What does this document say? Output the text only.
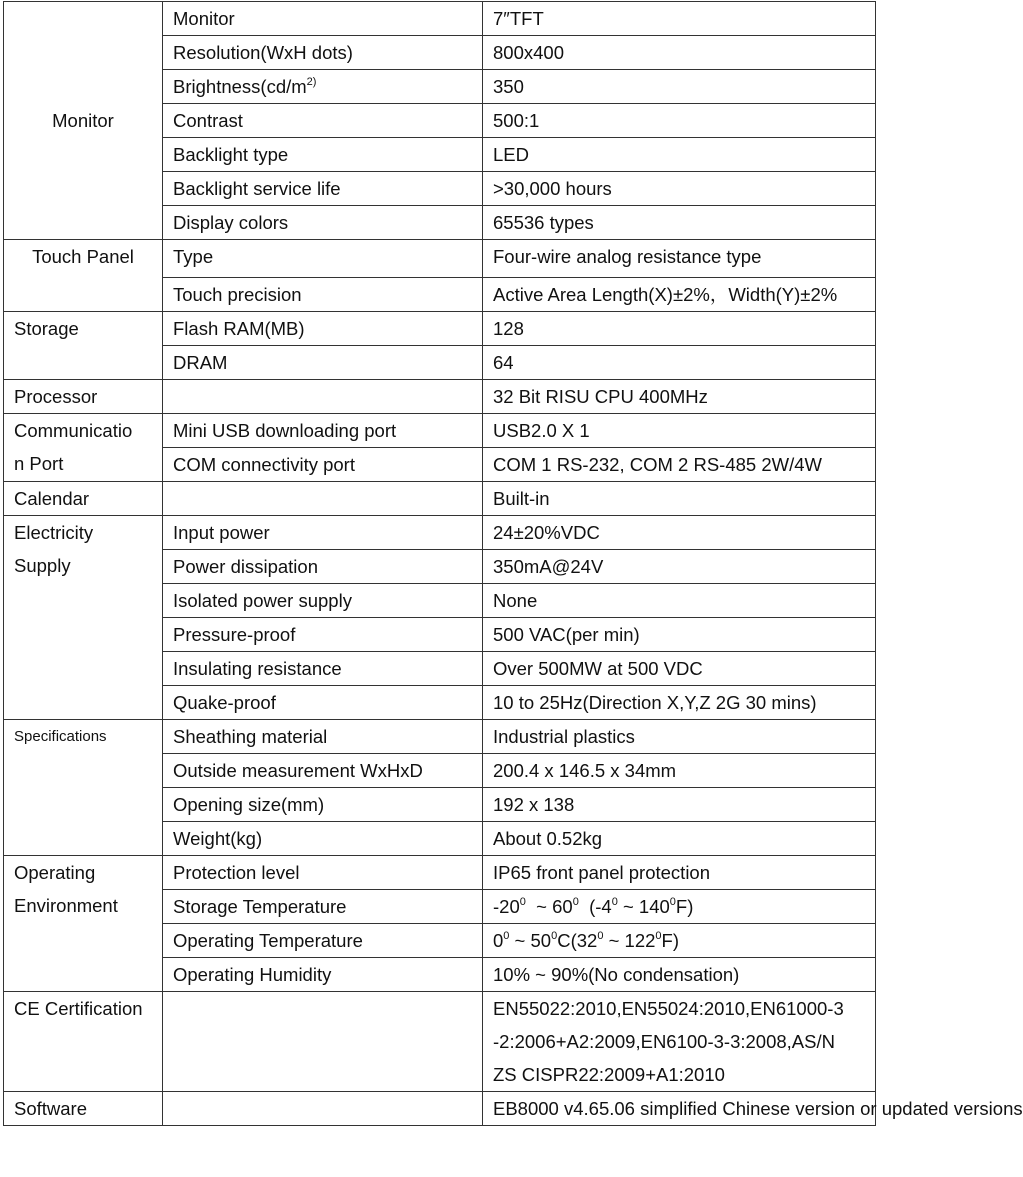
Monitor	Monitor	7″TFT
	Resolution(WxH dots)	800x400
	$Brightness(cd/m^{2)}$	350
	Contrast	500:1
	Backlight type	LED
	Backlight service life	>30,000 hours
	Display colors	65536 types
Touch Panel	Type	Four-wire analog resistance type
	Touch precision	Active Area Length(X)±2%，Width(Y)±2%
Storage	Flash RAM(MB)	128
	DRAM	64
Processor		32 Bit RISU CPU 400MHz

Communicatio
n Port	Mini USB downloading port	USB2.0 X 1
	COM connectivity port	COM 1 RS-232, COM 2 RS-485 2W/4W
Calendar		Built-in

Electricity
Supply	Input power	24±20%VDC
	Power dissipation	350mA@24V
	Isolated power supply	None
	Pressure-proof	500 VAC(per min)
	Insulating resistance	Over 500MW at 500 VDC
	Quake-proof	10 to 25Hz(Direction X,Y,Z 2G 30 mins)
Specifications	Sheathing material	Industrial plastics
	Outside measurement WxHxD	200.4 x 146.5 x 34mm
	Opening size(mm)	192 x 138
	Weight(kg)	About 0.52kg

Operating
Environment	Protection level	IP65 front panel protection
	Storage Temperature	$-20^0$  ~ $60^0$  ($-4^0$ ~ $140^0F$)
	Operating Temperature	$0^0$ ~ $50^0C(32^0$ ~ $122^0F$)
	Operating Humidity	10% ~ 90%(No condensation)
CE Certification		EN55022:2010,EN55024:2010,EN61000-3
-2:2006+A2:2009,EN6100-3-3:2008,AS/N
ZS CISPR22:2009+A1:2010

Software		EB8000 v4.65.06 simplified Chinese version or updated versions
